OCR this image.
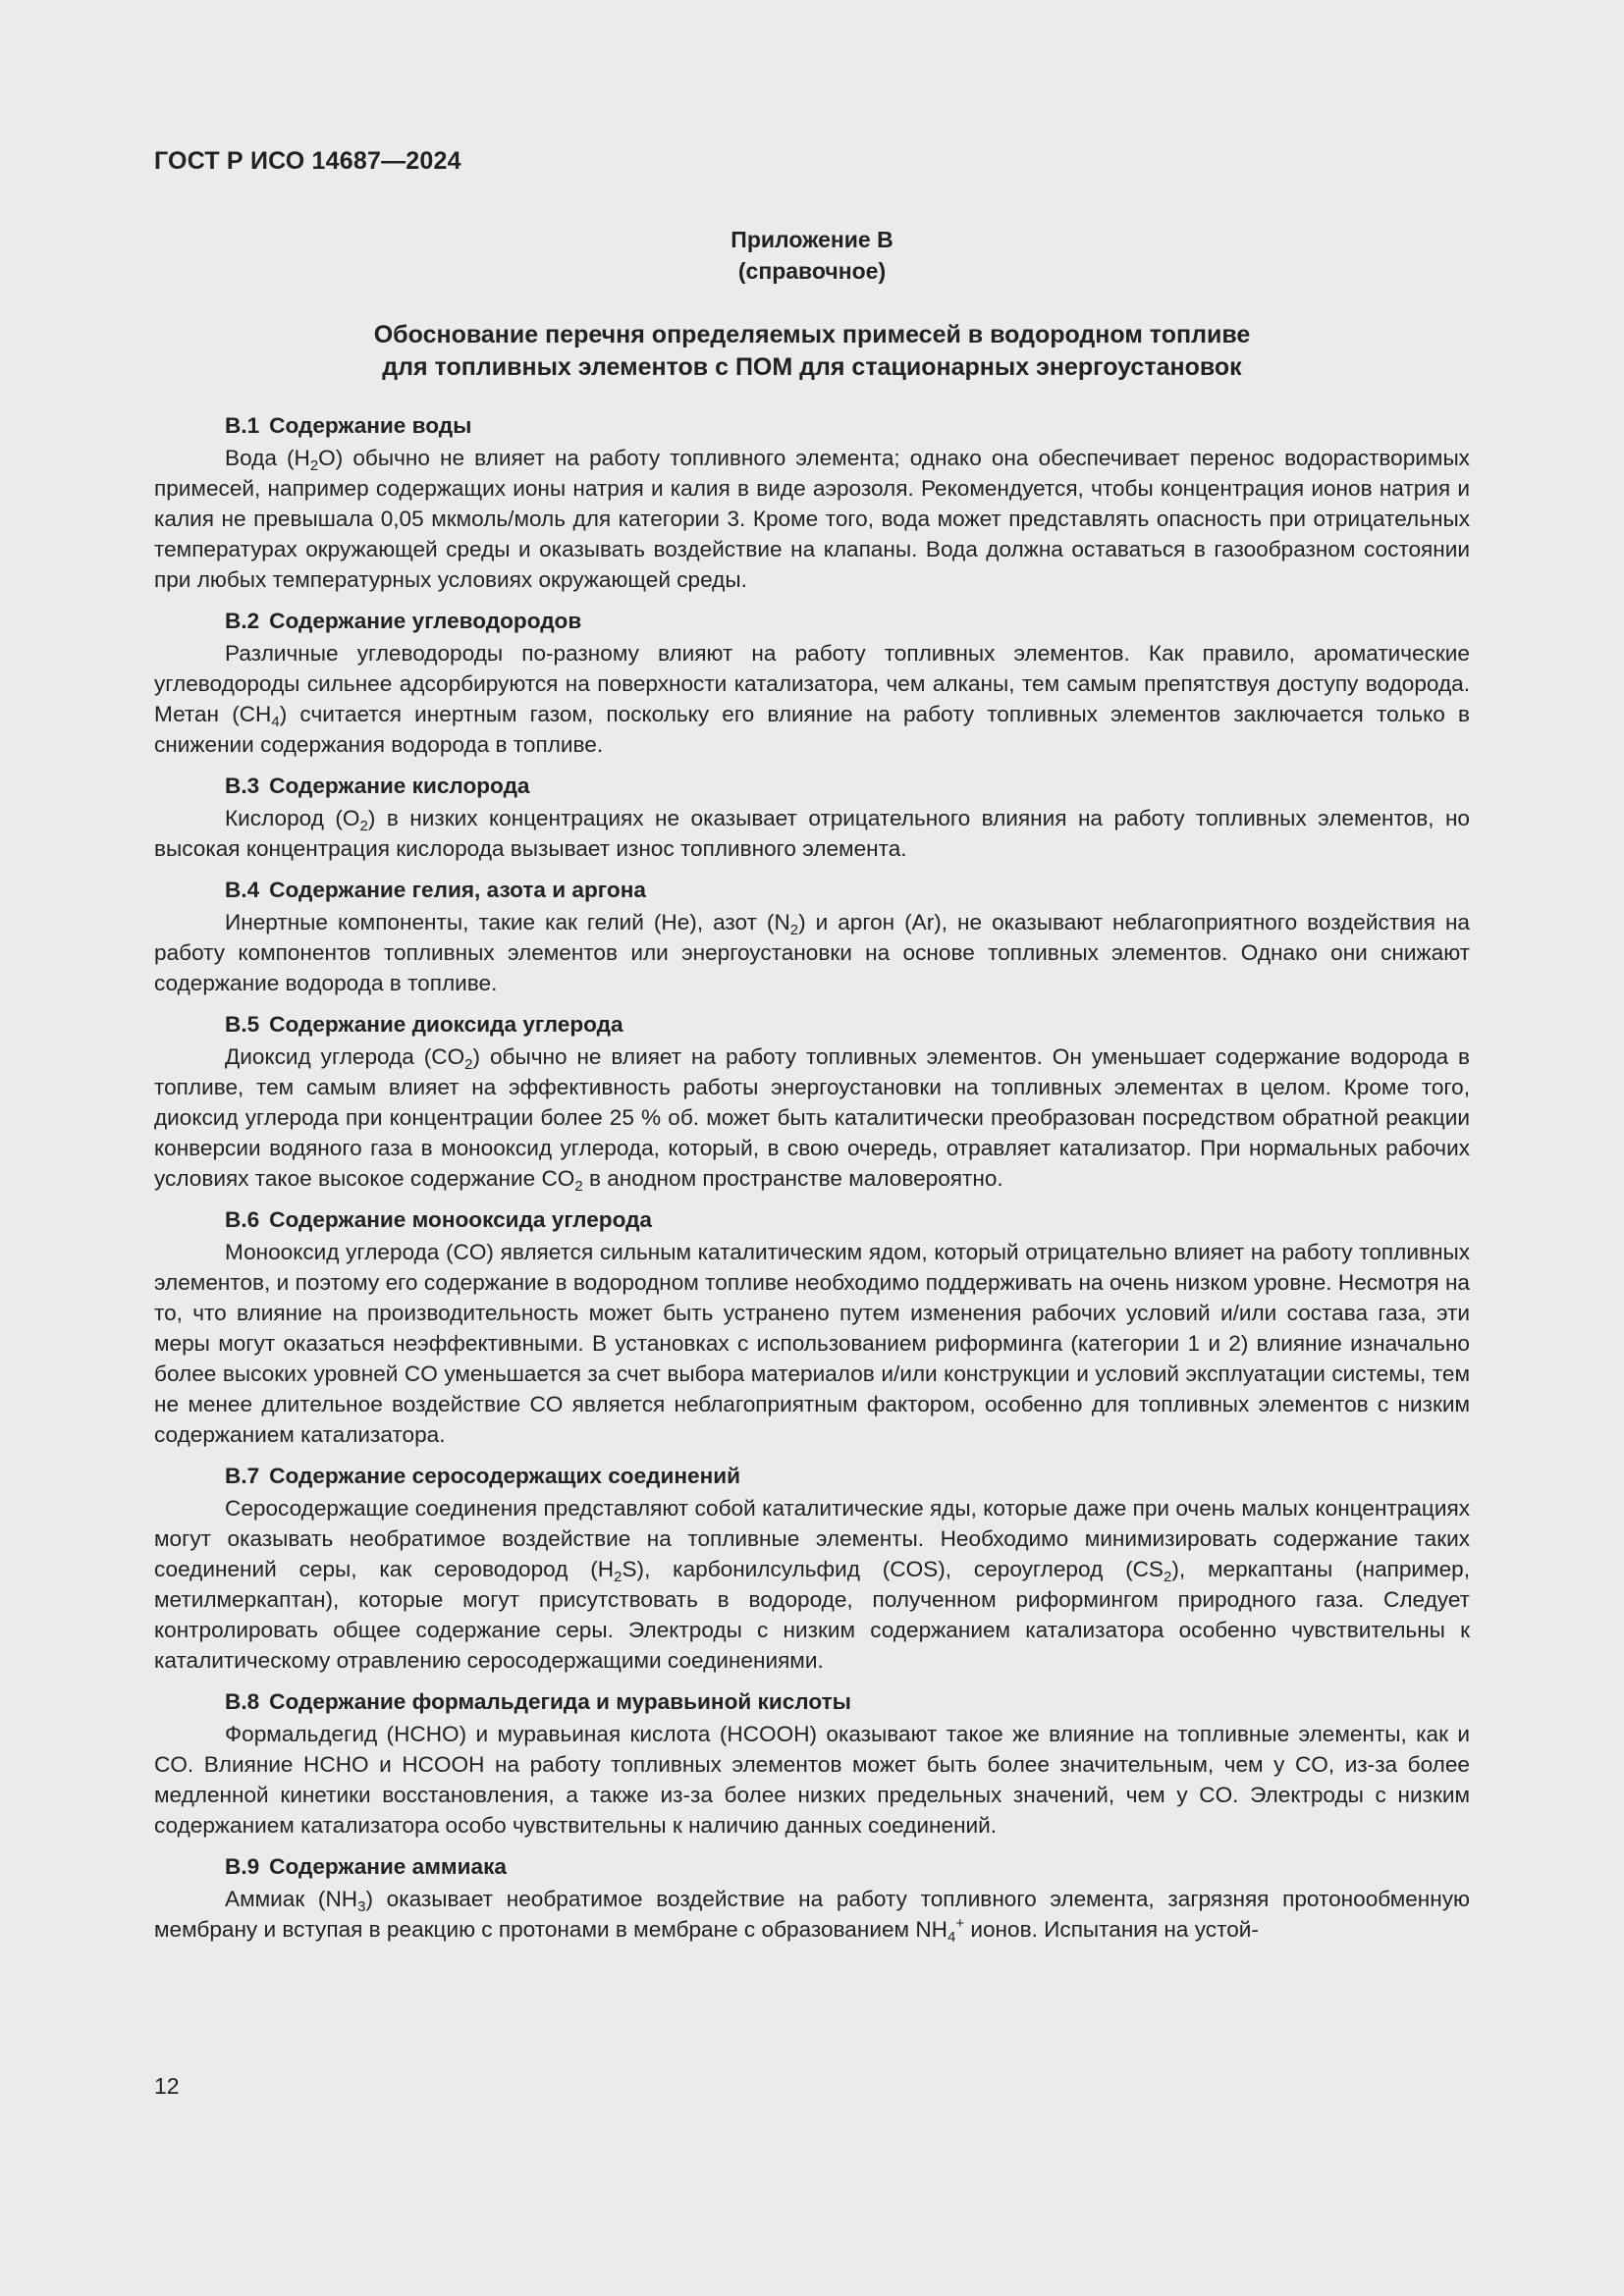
ГОСТ Р ИСО 14687—2024
Приложение В
(справочное)
Обоснование перечня определяемых примесей в водородном топливе
для топливных элементов с ПОМ для стационарных энергоустановок
В.1 Содержание воды

Вода $(H_2O)$ обычно не влияет на работу топливного элемента; однако она обеспечивает перенос водорастворимых примесей, например содержащих ионы натрия и калия в виде аэрозоля. Рекомендуется, чтобы концентрация ионов натрия и калия не превышала 0,05 мкмоль/моль для категории 3. Кроме того, вода может представлять опасность при отрицательных температурах окружающей среды и оказывать воздействие на клапаны. Вода должна оставаться в газообразном состоянии при любых температурных условиях окружающей среды.

В.2 Содержание углеводородов

Различные углеводороды по-разному влияют на работу топливных элементов. Как правило, ароматические углеводороды сильнее адсорбируются на поверхности катализатора, чем алканы, тем самым препятствуя доступу водорода. Метан $(CH_4)$ считается инертным газом, поскольку его влияние на работу топливных элементов заключается только в снижении содержания водорода в топливе.

В.3 Содержание кислорода

Кислород $(O_2)$ в низких концентрациях не оказывает отрицательного влияния на работу топливных элементов, но высокая концентрация кислорода вызывает износ топливного элемента.

В.4 Содержание гелия, азота и аргона

Инертные компоненты, такие как гелий (He), азот $(N_2)$ и аргон (Ar), не оказывают неблагоприятного воздействия на работу компонентов топливных элементов или энергоустановки на основе топливных элементов. Однако они снижают содержание водорода в топливе.

В.5 Содержание диоксида углерода

Диоксид углерода $(CO_2)$ обычно не влияет на работу топливных элементов. Он уменьшает содержание водорода в топливе, тем самым влияет на эффективность работы энергоустановки на топливных элементах в целом. Кроме того, диоксид углерода при концентрации более 25 % об. может быть каталитически преобразован посредством обратной реакции конверсии водяного газа в монооксид углерода, который, в свою очередь, отравляет катализатор. При нормальных рабочих условиях такое высокое содержание $CO_2$ в анодном пространстве маловероятно.

В.6 Содержание монооксида углерода

Монооксид углерода (CO) является сильным каталитическим ядом, который отрицательно влияет на работу топливных элементов, и поэтому его содержание в водородном топливе необходимо поддерживать на очень низком уровне. Несмотря на то, что влияние на производительность может быть устранено путем изменения рабочих условий и/или состава газа, эти меры могут оказаться неэффективными. В установках с использованием риформинга (категории 1 и 2) влияние изначально более высоких уровней CO уменьшается за счет выбора материалов и/или конструкции и условий эксплуатации системы, тем не менее длительное воздействие CO является неблагоприятным фактором, особенно для топливных элементов с низким содержанием катализатора.

В.7 Содержание серосодержащих соединений

Серосодержащие соединения представляют собой каталитические яды, которые даже при очень малых концентрациях могут оказывать необратимое воздействие на топливные элементы. Необходимо минимизировать содержание таких соединений серы, как сероводород $(H_2S)$, карбонилсульфид (COS), сероуглерод $(CS_2)$, меркаптаны (например, метилмеркаптан), которые могут присутствовать в водороде, полученном риформингом природного газа. Следует контролировать общее содержание серы. Электроды с низким содержанием катализатора особенно чувствительны к каталитическому отравлению серосодержащими соединениями.

В.8 Содержание формальдегида и муравьиной кислоты

Формальдегид (HCHO) и муравьиная кислота (HCOOH) оказывают такое же влияние на топливные элементы, как и CO. Влияние HCHO и HCOOH на работу топливных элементов может быть более значительным, чем у CO, из-за более медленной кинетики восстановления, а также из-за более низких предельных значений, чем у CO. Электроды с низким содержанием катализатора особо чувствительны к наличию данных соединений.

В.9 Содержание аммиака

Аммиак $(NH_3)$ оказывает необратимое воздействие на работу топливного элемента, загрязняя протонообменную мембрану и вступая в реакцию с протонами в мембране с образованием $NH_4^+$ ионов. Испытания на устой-

12
